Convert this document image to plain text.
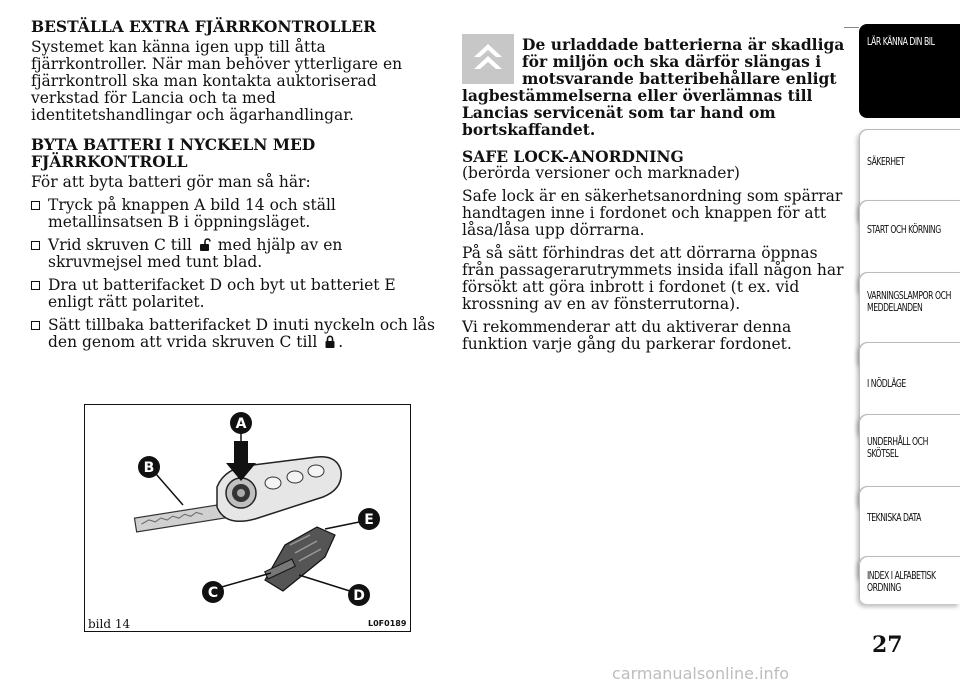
BESTÄLLA EXTRA FJÄRRKONTROLLER

Systemet kan känna igen upp till åtta fjärrkontroller. När man behöver ytterligare en fjärrkontroll ska man kontakta auktoriserad verkstad för Lancia och ta med identitetshandlingar och ägarhandlingar.

BYTA BATTERI I NYCKELN MED FJÄRRKONTROLL

För att byta batteri gör man så här:

Tryck på knappen A bild 14 och ställ metallinsatsen B i öppningsläget.
Vrid skruven C till med hjälp av en skruvmejsel med tunt blad.
Dra ut batterifacket D och byt ut batteriet E enligt rätt polaritet.
Sätt tillbaka batterifacket D inuti nyckeln och lås den genom att vrida skruven C till .
A
B
E
C	D
bild 14	L0F0189
De urladdade batterierna är skadliga för miljön och ska därför slängas i motsvarande batteribehållare enligt lagbestämmelserna eller överlämnas till Lancias servicenät som tar hand om bortskaffandet.
SAFE LOCK-ANORDNING

(berörda versioner och marknader)

Safe lock är en säkerhetsanordning som spärrar handtagen inne i fordonet och knappen för att låsa/låsa upp dörrarna.

På så sätt förhindras det att dörrarna öppnas från passagerarutrymmets insida ifall någon har försökt att göra inbrott i fordonet (t ex. vid krossning av en av fönsterrutorna).

Vi rekommenderar att du aktiverar denna funktion varje gång du parkerar fordonet.

LÄR KÄNNA DIN BIL
SÄKERHET
START OCH KÖRNING
VARNINGSLAMPOR OCH MEDDELANDEN
I NÖDLÄGE
UNDERHÅLL OCH SKÖTSEL
TEKNISKA DATA
INDEX I ALFABETISK ORDNING
27
carmanualsonline.info
